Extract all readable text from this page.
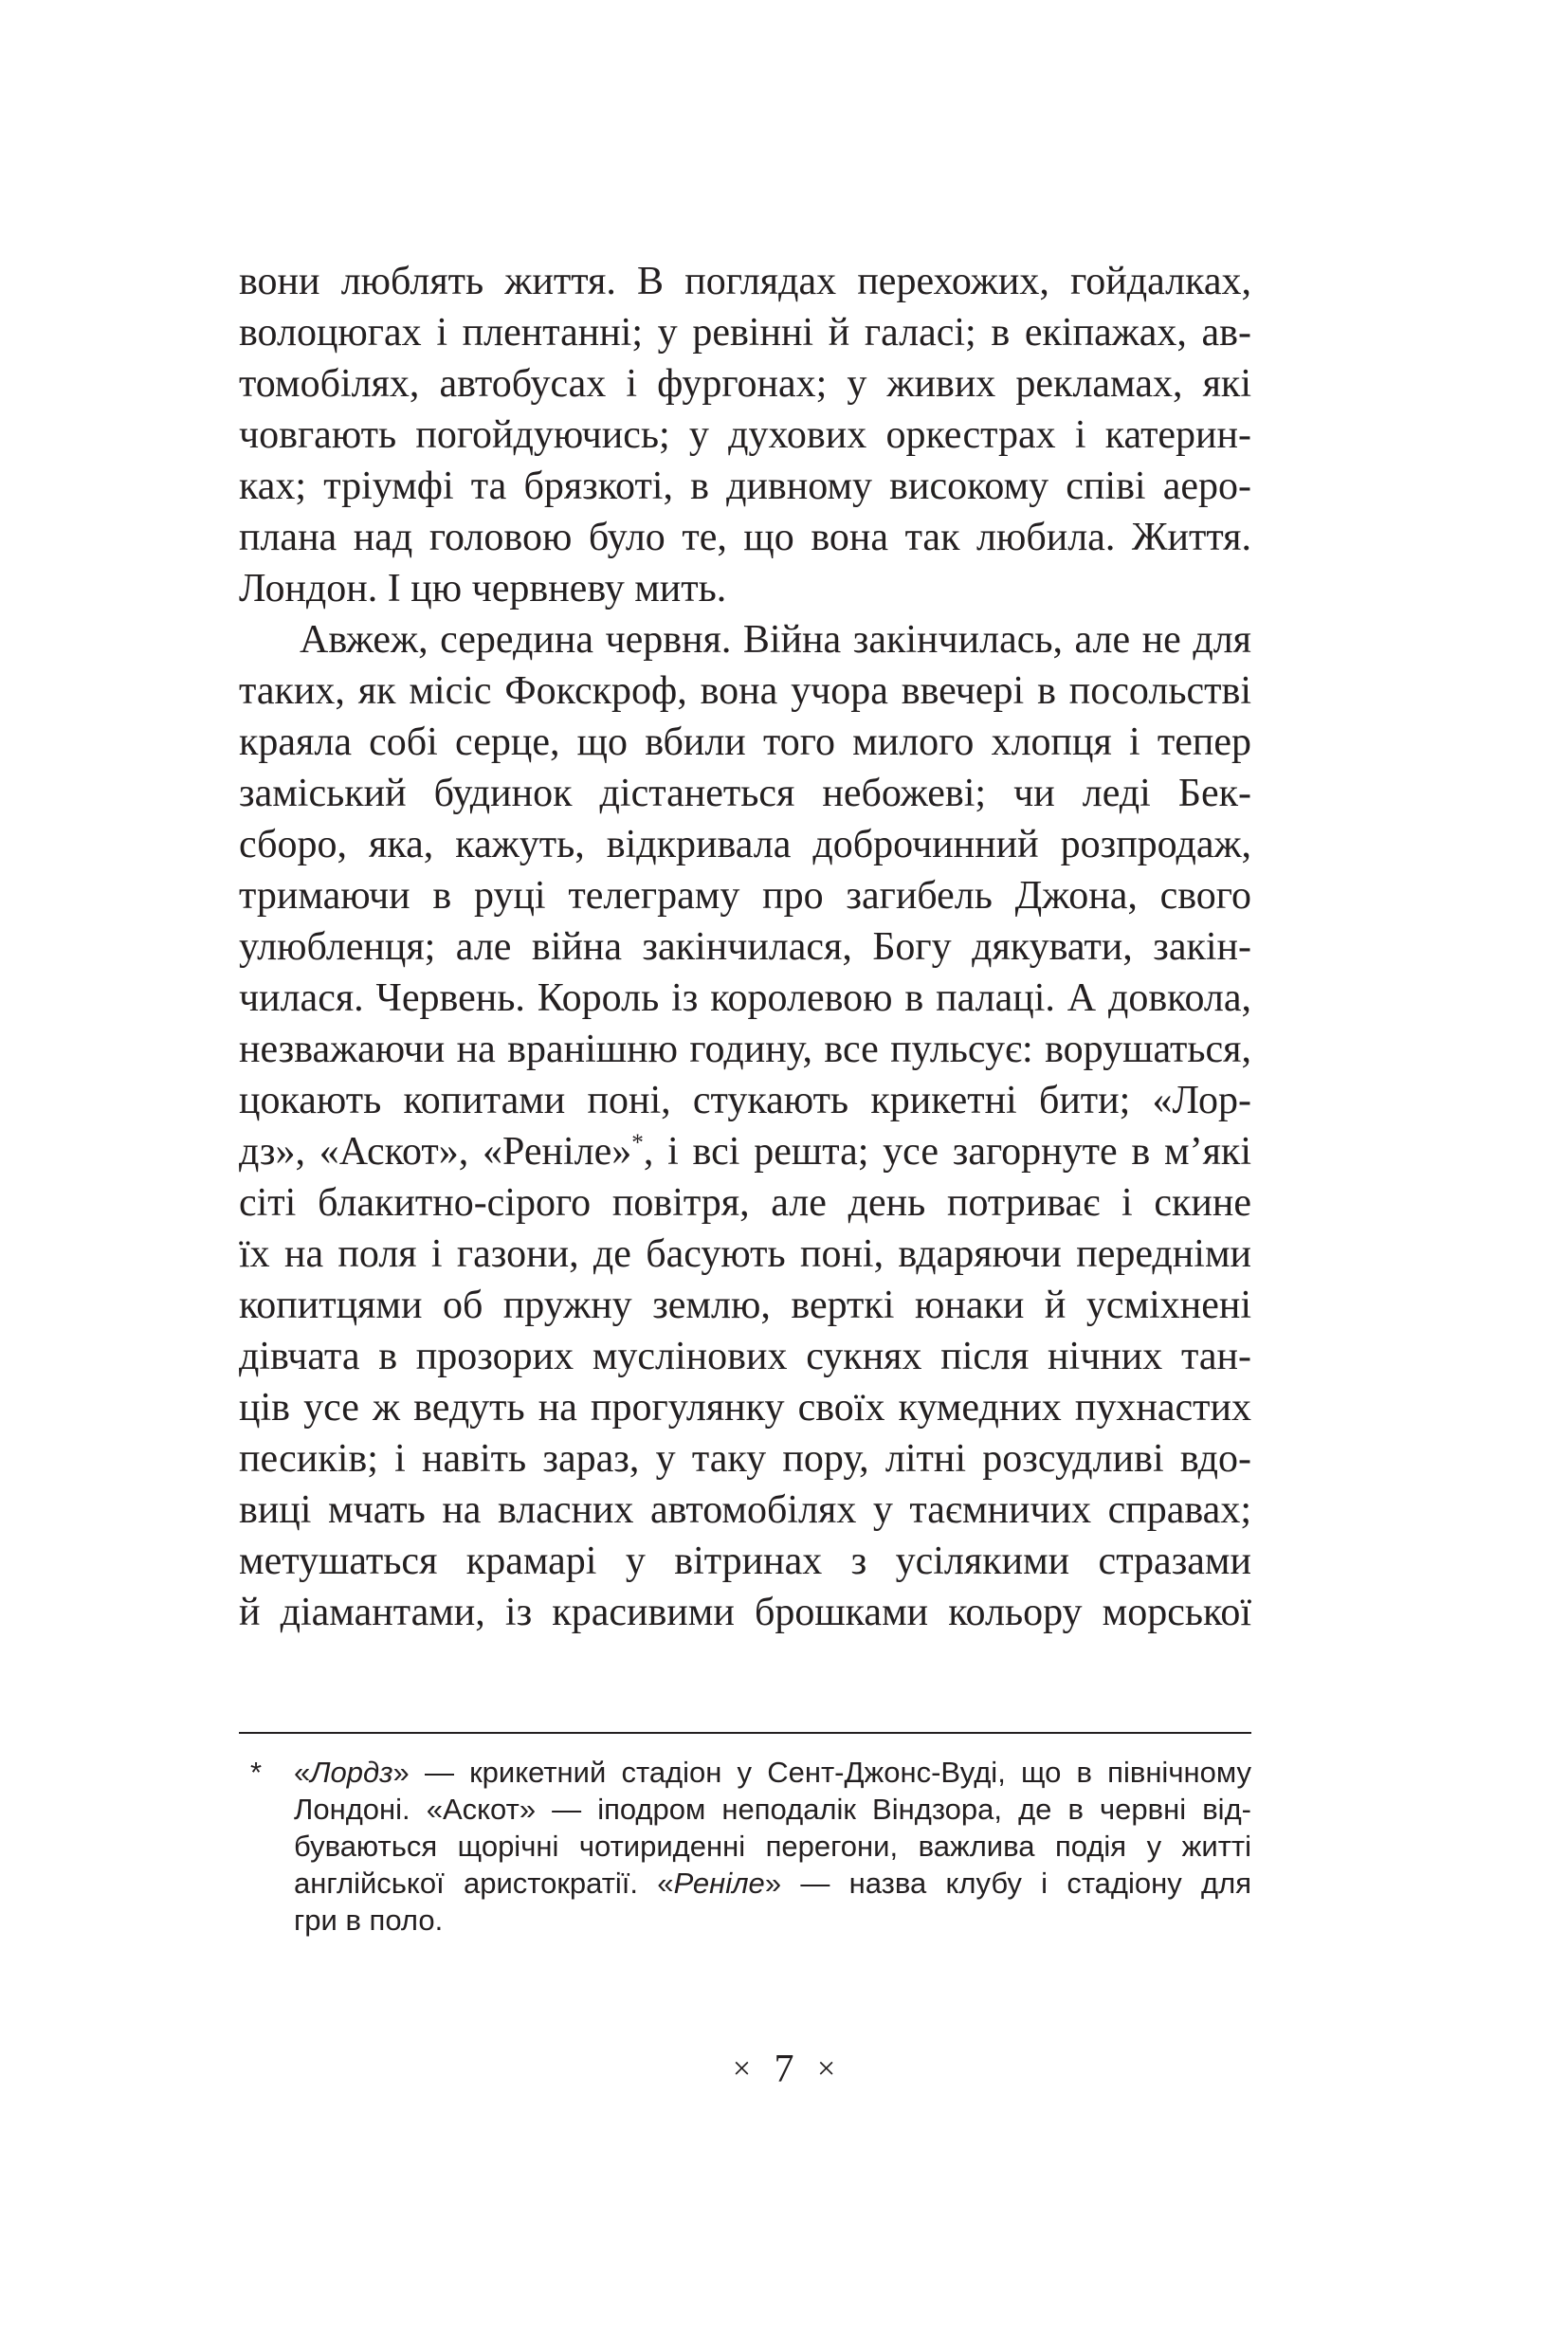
вони люблять життя. В поглядах перехожих, гойдалках,
волоцюгах і плентанні; у ревінні й галасі; в екіпажах, ав-
томобілях, автобусах і фургонах; у живих рекламах, які
човгають погойдуючись; у духових оркестрах і катерин-
ках; тріумфі та брязкоті, в дивному високому співі аеро-
плана над головою було те, що вона так любила. Життя.
Лондон. І цю червневу мить.
Авжеж, середина червня. Війна закінчилась, але не для
таких, як місіс Фокскроф, вона учора ввечері в посольстві
краяла собі серце, що вбили того милого хлопця і тепер
заміський будинок дістанеться небожеві; чи леді Бек-
сборо, яка, кажуть, відкривала доброчинний розпродаж,
тримаючи в руці телеграму про загибель Джона, свого
улюбленця; але війна закінчилася, Богу дякувати, закін-
чилася. Червень. Король із королевою в палаці. А довкола,
незважаючи на вранішню годину, все пульсує: ворушаться,
цокають копитами поні, стукають крикетні бити; «Лор-
дз», «Аскот», «Реніле»*, і всі решта; усе загорнуте в м’які
сіті блакитно-сірого повітря, але день потриває і скине
їх на поля і газони, де басують поні, вдаряючи передніми
копитцями об пружну землю, верткі юнаки й усміхнені
дівчата в прозорих муслінових сукнях після нічних тан-
ців усе ж ведуть на прогулянку своїх кумедних пухнастих
песиків; і навіть зараз, у таку пору, літні розсудливі вдо-
виці мчать на власних автомобілях у таємничих справах;
метушаться крамарі у вітринах з усілякими стразами
й діамантами, із красивими брошками кольору морської
* «Лордз» — крикетний стадіон у Сент-Джонс-Вуді, що в північному
Лондоні. «Аскот» — іподром неподалік Віндзора, де в червні від-
буваються щорічні чотириденні перегони, важлива подія у житті
англійської аристократії. «Реніле» — назва клубу і стадіону для
гри в поло.
× 7 ×
